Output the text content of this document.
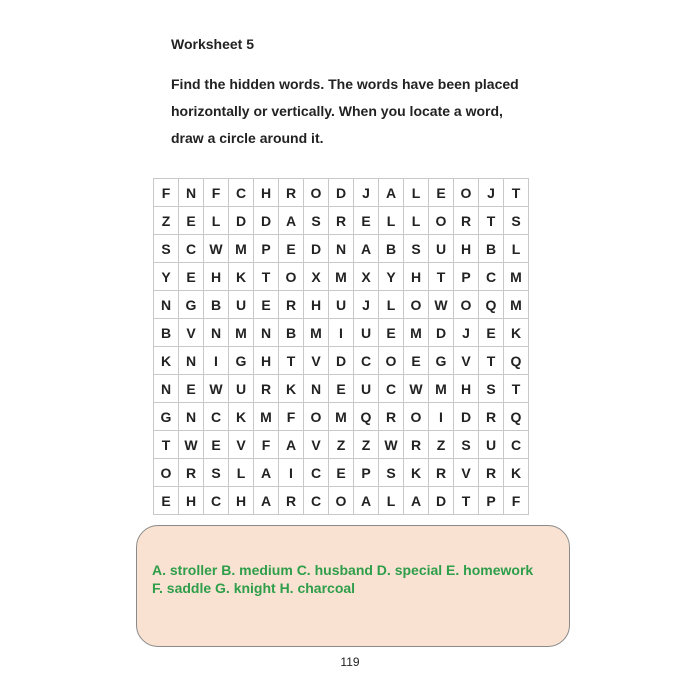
Worksheet 5
Find the hidden words. The words have been placed
horizontally or vertically. When you locate a word,
draw a circle around it.
F	N	F	C	H	R	O	D	J	A	L	E	O	J	T
Z	E	L	D	D	A	S	R	E	L	L	O	R	T	S
S	C	W	M	P	E	D	N	A	B	S	U	H	B	L
Y	E	H	K	T	O	X	M	X	Y	H	T	P	C	M
N	G	B	U	E	R	H	U	J	L	O	W	O	Q	M
B	V	N	M	N	B	M	I	U	E	M	D	J	E	K
K	N	I	G	H	T	V	D	C	O	E	G	V	T	Q
N	E	W	U	R	K	N	E	U	C	W	M	H	S	T
G	N	C	K	M	F	O	M	Q	R	O	I	D	R	Q
T	W	E	V	F	A	V	Z	Z	W	R	Z	S	U	C
O	R	S	L	A	I	C	E	P	S	K	R	V	R	K
E	H	C	H	A	R	C	O	A	L	A	D	T	P	F
A. stroller B. medium C. husband D. special E. homework
F. saddle G. knight H. charcoal
119
